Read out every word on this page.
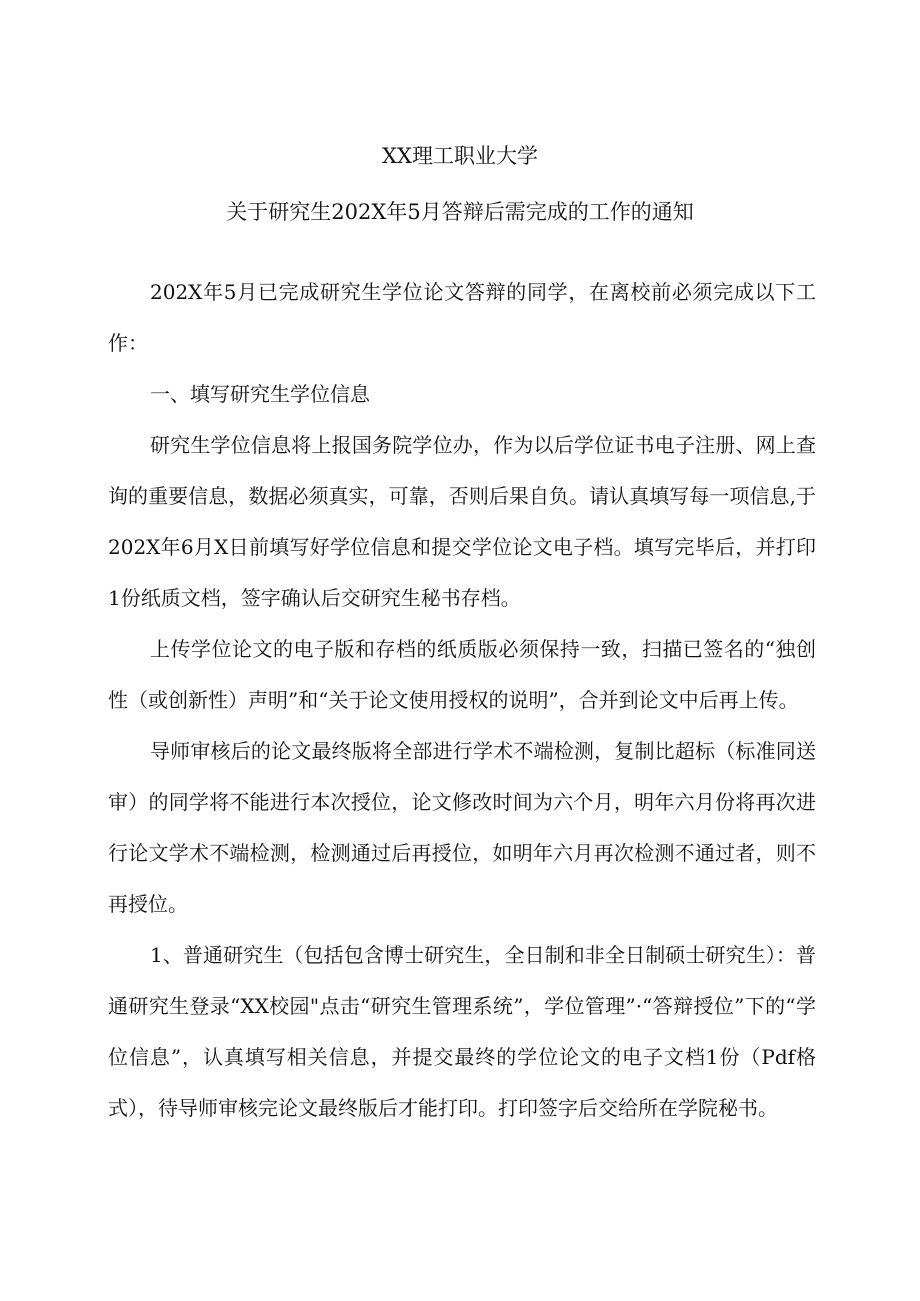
XX理工职业大学
关于研究生202X年5月答辩后需完成的工作的通知

202X年5月已完成研究生学位论文答辩的同学，在离校前必须完成以下工作：

一、填写研究生学位信息

研究生学位信息将上报国务院学位办，作为以后学位证书电子注册、网上查询的重要信息，数据必须真实，可靠，否则后果自负。请认真填写每一项信息,于202X年6月X日前填写好学位信息和提交学位论文电子档。填写完毕后，并打印1份纸质文档，签字确认后交研究生秘书存档。

上传学位论文的电子版和存档的纸质版必须保持一致，扫描已签名的“独创性（或创新性）声明”和“关于论文使用授权的说明”，合并到论文中后再上传。

导师审核后的论文最终版将全部进行学术不端检测，复制比超标（标准同送审）的同学将不能进行本次授位，论文修改时间为六个月，明年六月份将再次进行论文学术不端检测，检测通过后再授位，如明年六月再次检测不通过者，则不再授位。

1、普通研究生（包括包含博士研究生，全日制和非全日制硕士研究生）：普通研究生登录“XX校园"点击“研究生管理系统”，学位管理”·“答辩授位”下的“学位信息”，认真填写相关信息，并提交最终的学位论文的电子文档1份（Pdf格式），待导师审核完论文最终版后才能打印。打印签字后交给所在学院秘书。
